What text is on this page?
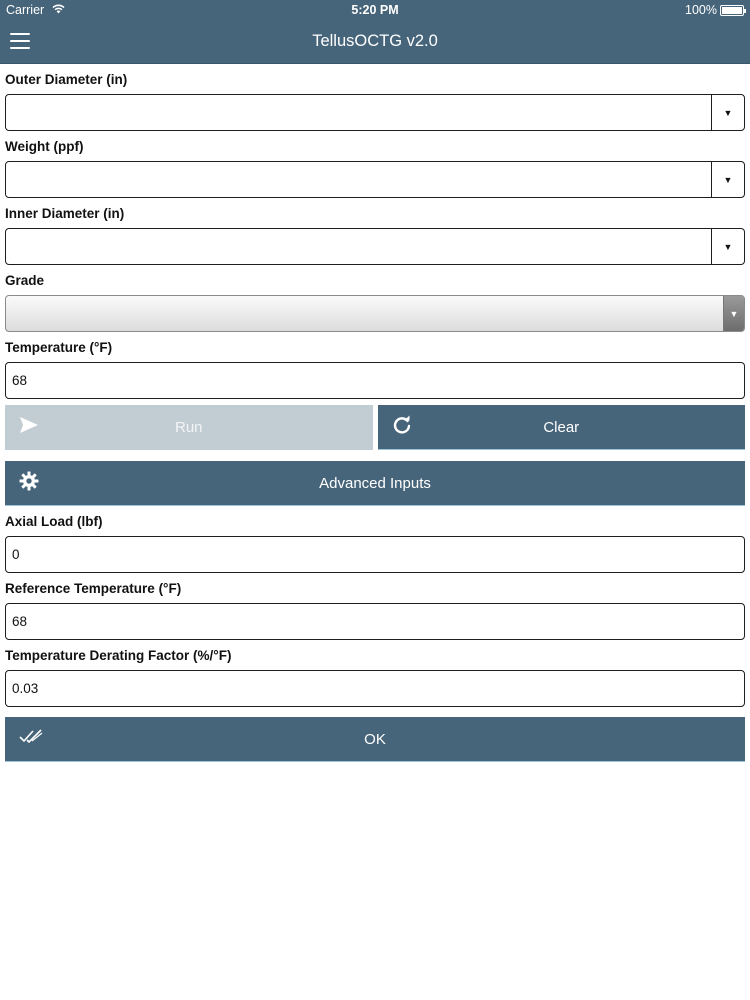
Carrier	5:20 PM	100%
TellusOCTG v2.0
Outer Diameter (in)
▼
Weight (ppf)
▼
Inner Diameter (in)
▼
Grade
▼
Temperature (°F)
68
Run	Clear
Advanced Inputs
Axial Load (lbf)
0
Reference Temperature (°F)
68
Temperature Derating Factor (%/°F)
0.03
OK
